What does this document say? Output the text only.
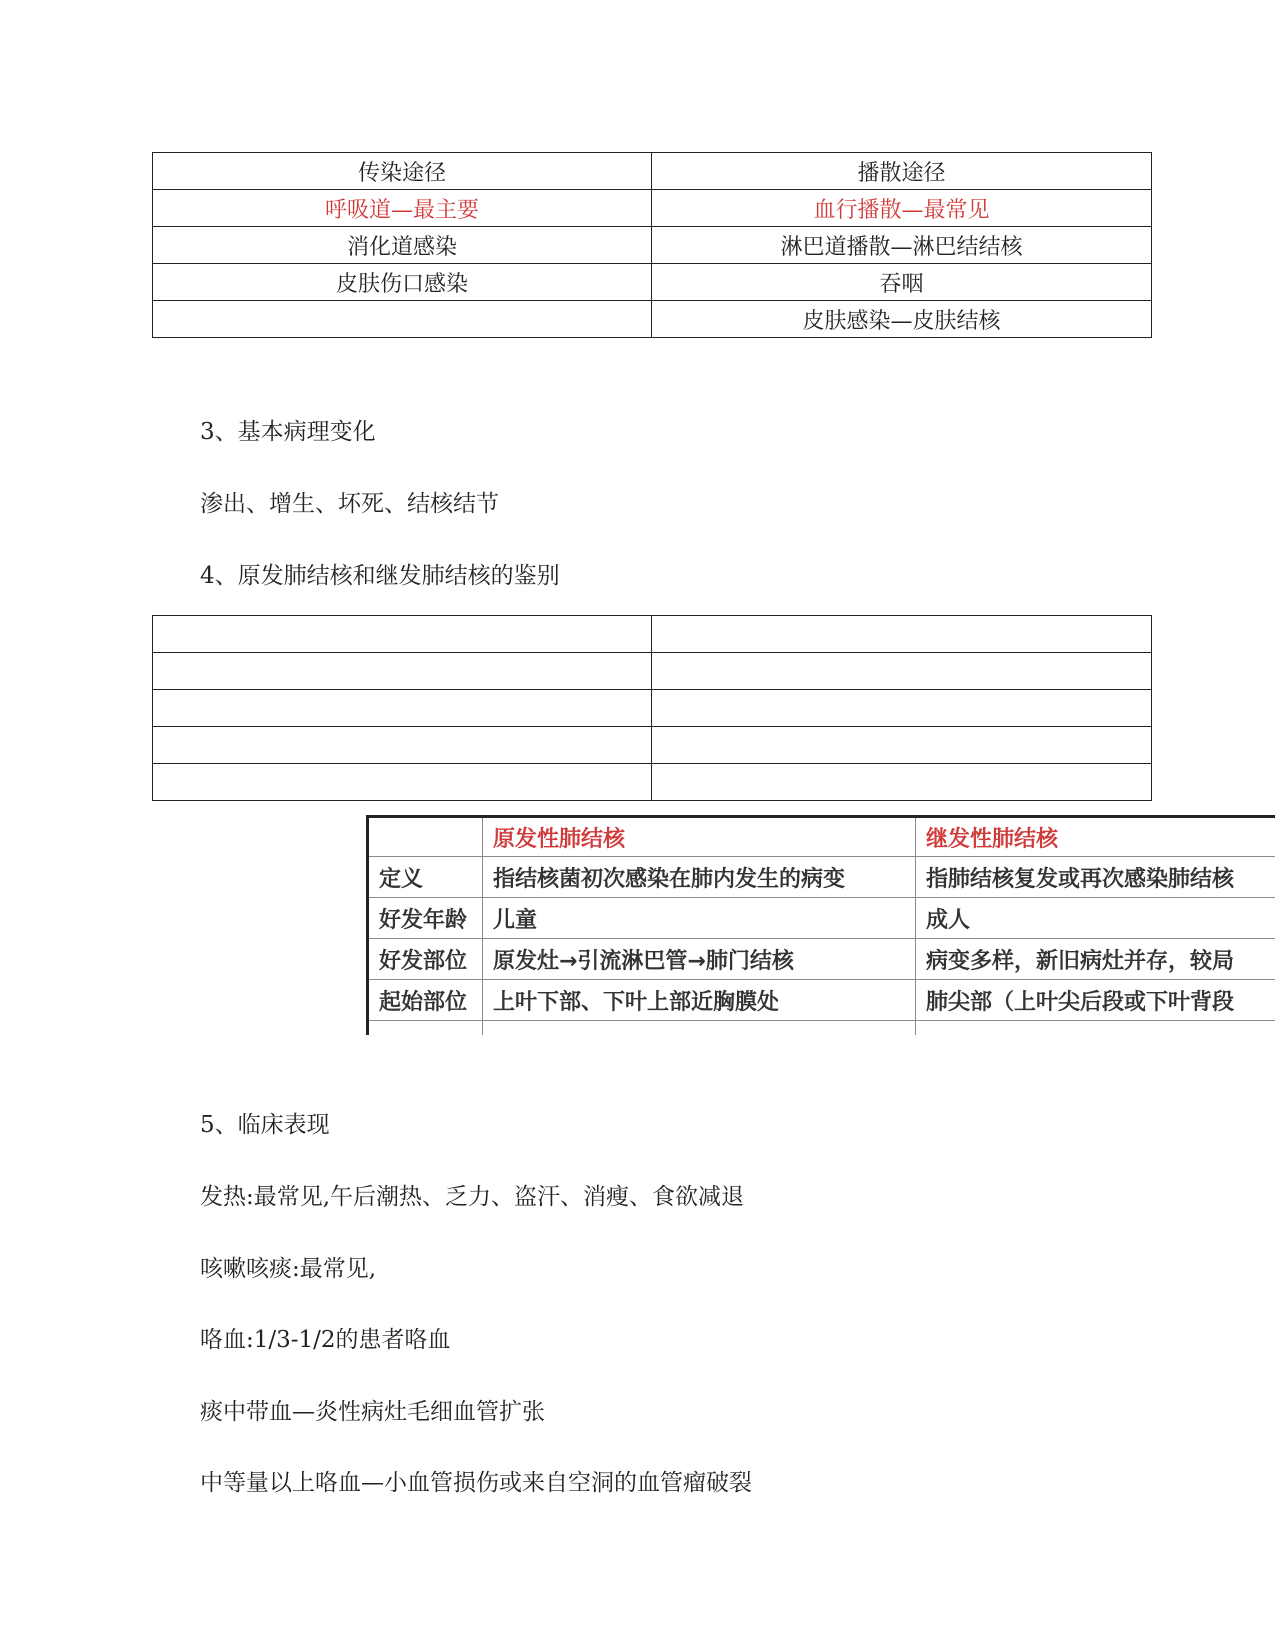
传染途径	播散途径
呼吸道—最主要	血行播散—最常见
消化道感染	淋巴道播散—淋巴结结核
皮肤伤口感染	吞咽
	皮肤感染—皮肤结核
3、基本病理变化
渗出、增生、坏死、结核结节
4、原发肺结核和继发肺结核的鉴别

	原发性肺结核	继发性肺结核
定义	指结核菌初次感染在肺内发生的病变	指肺结核复发或再次感染肺结核
好发年龄	儿童	成人
好发部位	原发灶→引流淋巴管→肺门结核	病变多样，新旧病灶并存，较局
起始部位	上叶下部、下叶上部近胸膜处	肺尖部（上叶尖后段或下叶背段

5、临床表现
发热:最常见,午后潮热、乏力、盗汗、消瘦、食欲减退
咳嗽咳痰:最常见,
咯血:1/3-1/2的患者咯血
痰中带血—炎性病灶毛细血管扩张
中等量以上咯血—小血管损伤或来自空洞的血管瘤破裂
